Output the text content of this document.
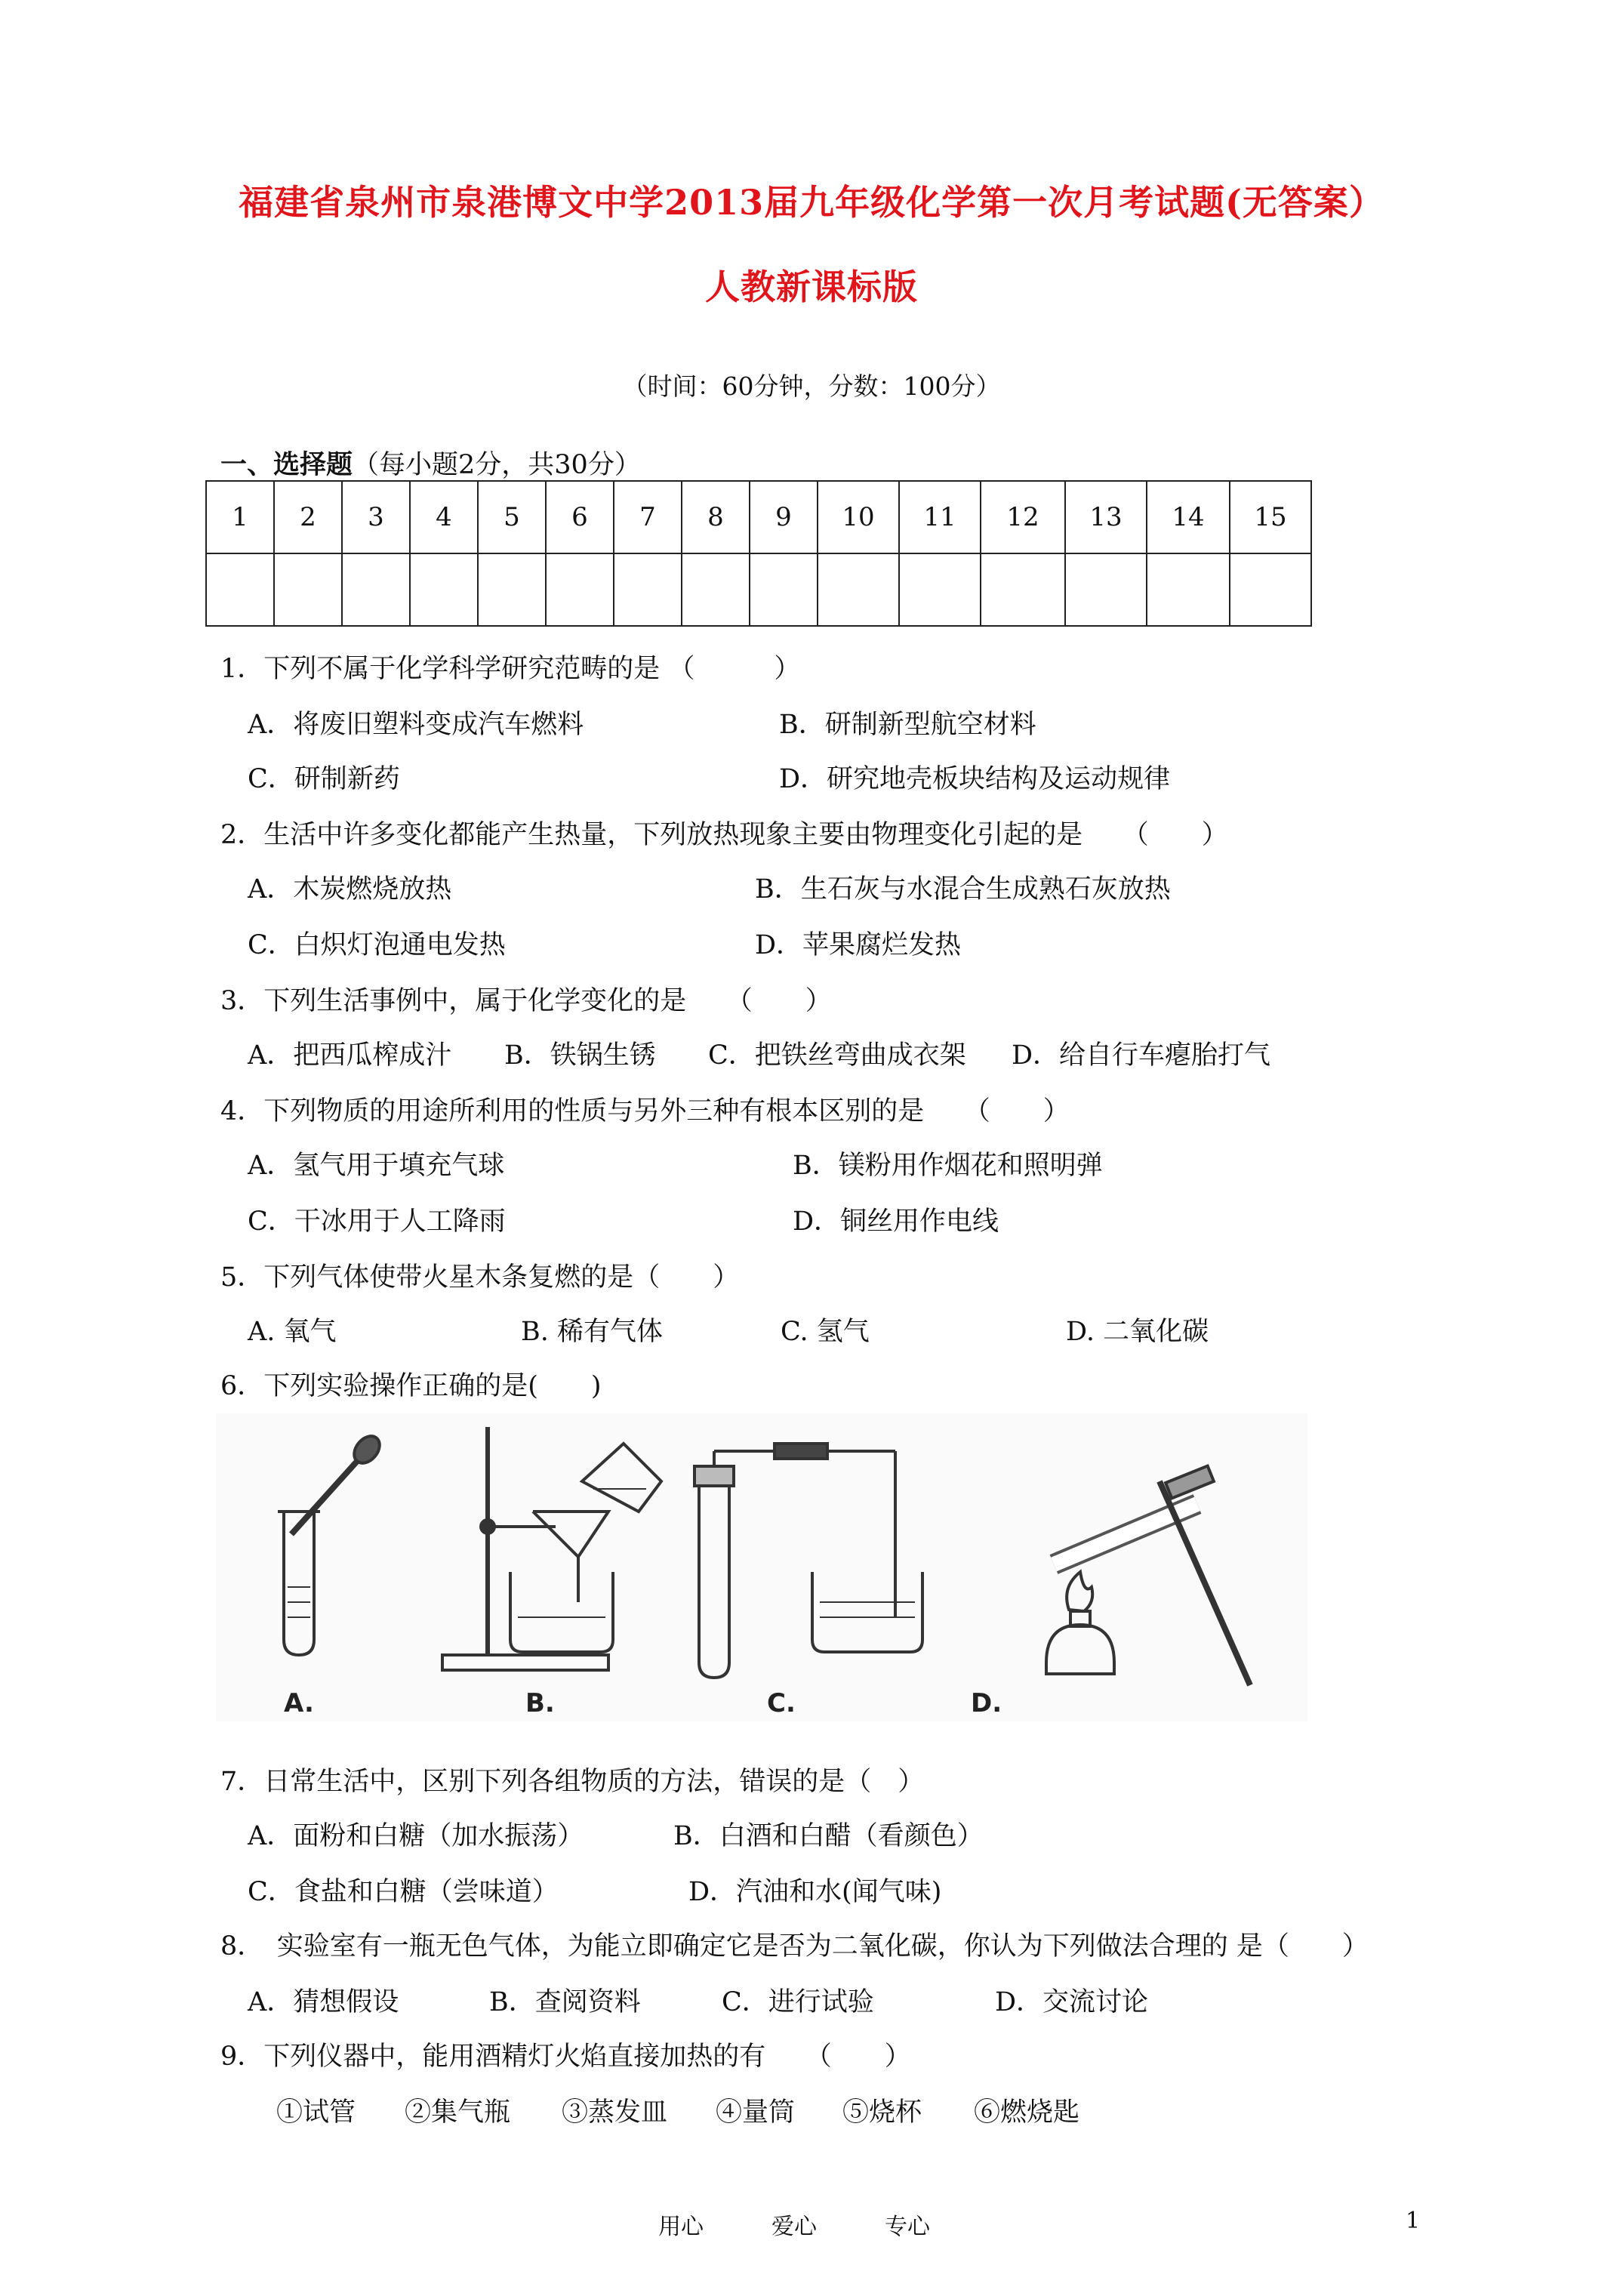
福建省泉州市泉港博文中学2013届九年级化学第一次月考试题(无答案）
人教新课标版
（时间：60分钟，分数：100分）
一、选择题（每小题2分，共30分）
1	2	3	4	5	6	7	8	9	10	11	12	13	14	15

1．下列不属于化学科学研究范畴的是 （　　　）
A．将废旧塑料变成汽车燃料	B．研制新型航空材料
C．研制新药	D．研究地壳板块结构及运动规律
2．生活中许多变化都能产生热量，下列放热现象主要由物理变化引起的是　　（　　）
A．木炭燃烧放热	B．生石灰与水混合生成熟石灰放热
C．白炽灯泡通电发热	D．苹果腐烂发热
3．下列生活事例中，属于化学变化的是　　（　　）
A．把西瓜榨成汁 B．铁锅生锈 C．把铁丝弯曲成衣架 D．给自行车瘪胎打气
4．下列物质的用途所利用的性质与另外三种有根本区别的是　　（　　）
A．氢气用于填充气球	B．镁粉用作烟花和照明弹
C．干冰用于人工降雨	D．铜丝用作电线
5．下列气体使带火星木条复燃的是（　　）
A. 氧气	B. 稀有气体	C. 氢气	D. 二氧化碳
6．下列实验操作正确的是(　　)
A.	B.	C.	D.
7．日常生活中，区别下列各组物质的方法，错误的是（　）
A．面粉和白糖（加水振荡）	B．白酒和白醋（看颜色）
C．食盐和白糖（尝味道）	D．汽油和水(闻气味)
8．　实验室有一瓶无色气体，为能立即确定它是否为二氧化碳，你认为下列做法合理的 是（　　）
A．猜想假设	B．查阅资料	C．进行试验	D．交流讨论
9．下列仪器中，能用酒精灯火焰直接加热的有　　（　　）
①试管 ②集气瓶 ③蒸发皿 ④量筒 ⑤烧杯 ⑥燃烧匙
用心	爱心	专心	1
